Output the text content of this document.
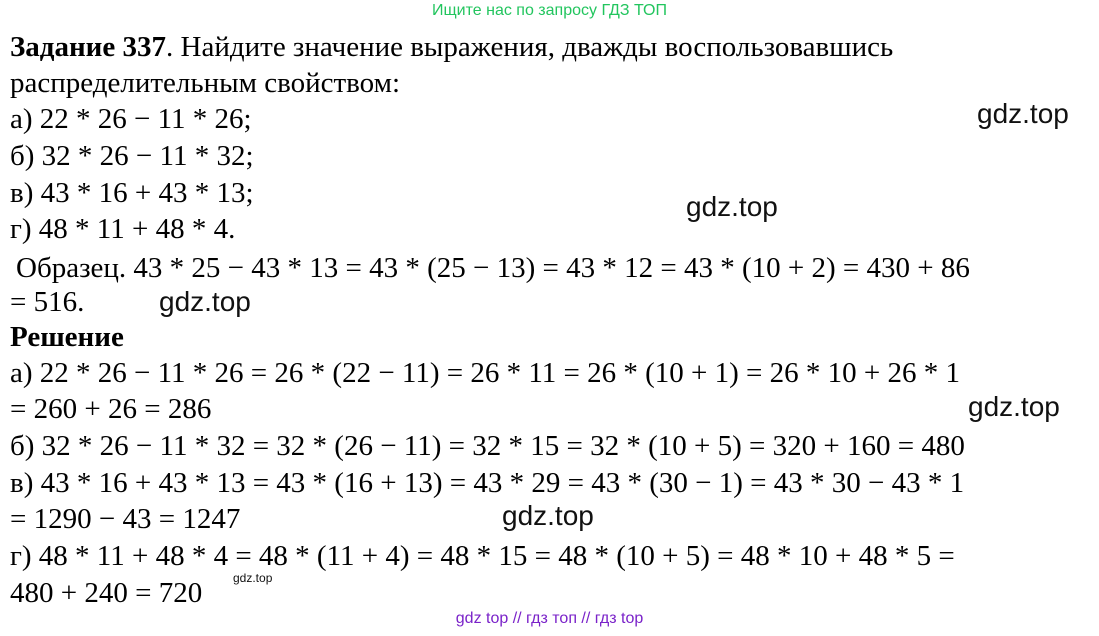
Ищите нас по запросу ГДЗ ТОП
Задание 337. Найдите значение выражения, дважды воспользовавшись
распределительным свойством:
а) 22 * 26 − 11 * 26;
б) 32 * 26 − 11 * 32;
в) 43 * 16 + 43 * 13;
г) 48 * 11 + 48 * 4.
Образец. 43 * 25 − 43 * 13 = 43 * (25 − 13) = 43 * 12 = 43 * (10 + 2) = 430 + 86
= 516.
Решение
а) 22 * 26 − 11 * 26 = 26 * (22 − 11) = 26 * 11 = 26 * (10 + 1) = 26 * 10 + 26 * 1
= 260 + 26 = 286
б) 32 * 26 − 11 * 32 = 32 * (26 − 11) = 32 * 15 = 32 * (10 + 5) = 320 + 160 = 480
в) 43 * 16 + 43 * 13 = 43 * (16 + 13) = 43 * 29 = 43 * (30 − 1) = 43 * 30 − 43 * 1
= 1290 − 43 = 1247
г) 48 * 11 + 48 * 4 = 48 * (11 + 4) = 48 * 15 = 48 * (10 + 5) = 48 * 10 + 48 * 5 =
480 + 240 = 720
gdz.top
gdz.top
gdz.top
gdz.top
gdz.top
gdz.top
gdz top // гдз топ // гдз top
